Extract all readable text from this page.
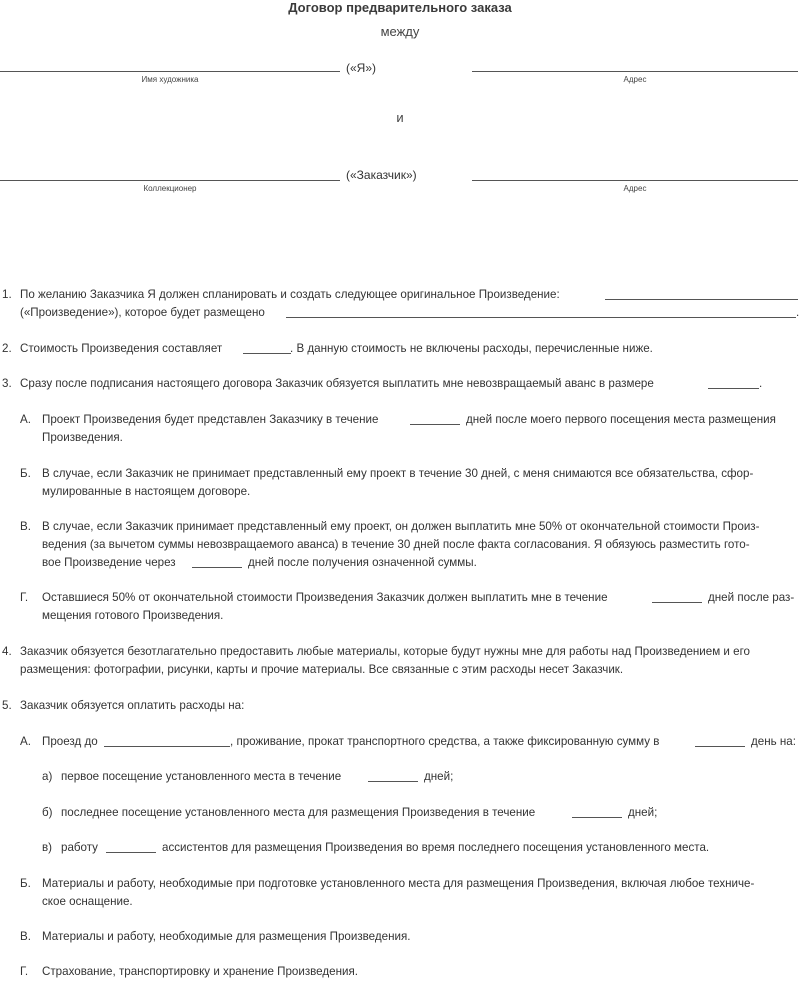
Договор предварительного заказа
между
(«Я»)
Имя художника	Адрес
и
(«Заказчик»)
Коллекционер	Адрес
1. По желанию Заказчика Я должен спланировать и создать следующее оригинальное Произведение:
(«Произведение»), которое будет размещено	.
2. Стоимость Произведения составляет	. В данную стоимость не включены расходы, перечисленные ниже.
3. Сразу после подписания настоящего договора Заказчик обязуется выплатить мне невозвращаемый аванс в размере	.
А. Проект Произведения будет представлен Заказчику в течение	дней после моего первого посещения места размещения
Произведения.
Б. В случае, если Заказчик не принимает представленный ему проект в течение 30 дней, с меня снимаются все обязательства, сфор-
мулированные в настоящем договоре.
В. В случае, если Заказчик принимает представленный ему проект, он должен выплатить мне 50% от окончательной стоимости Произ-
ведения (за вычетом суммы невозвращаемого аванса) в течение 30 дней после факта согласования. Я обязуюсь разместить гото-
вое Произведение через	дней после получения означенной суммы.
Г. Оставшиеся 50% от окончательной стоимости Произведения Заказчик должен выплатить мне в течение	дней после раз-
мещения готового Произведения.
4. Заказчик обязуется безотлагательно предоставить любые материалы, которые будут нужны мне для работы над Произведением и его
размещения: фотографии, рисунки, карты и прочие материалы. Все связанные с этим расходы несет Заказчик.
5. Заказчик обязуется оплатить расходы на:
А. Проезд до	, проживание, прокат транспортного средства, а также фиксированную сумму в	день на:
а) первое посещение установленного места в течение	дней;
б) последнее посещение установленного места для размещения Произведения в течение	дней;
в) работу	ассистентов для размещения Произведения во время последнего посещения установленного места.
Б. Материалы и работу, необходимые при подготовке установленного места для размещения Произведения, включая любое техниче-
ское оснащение.
В. Материалы и работу, необходимые для размещения Произведения.
Г. Страхование, транспортировку и хранение Произведения.
